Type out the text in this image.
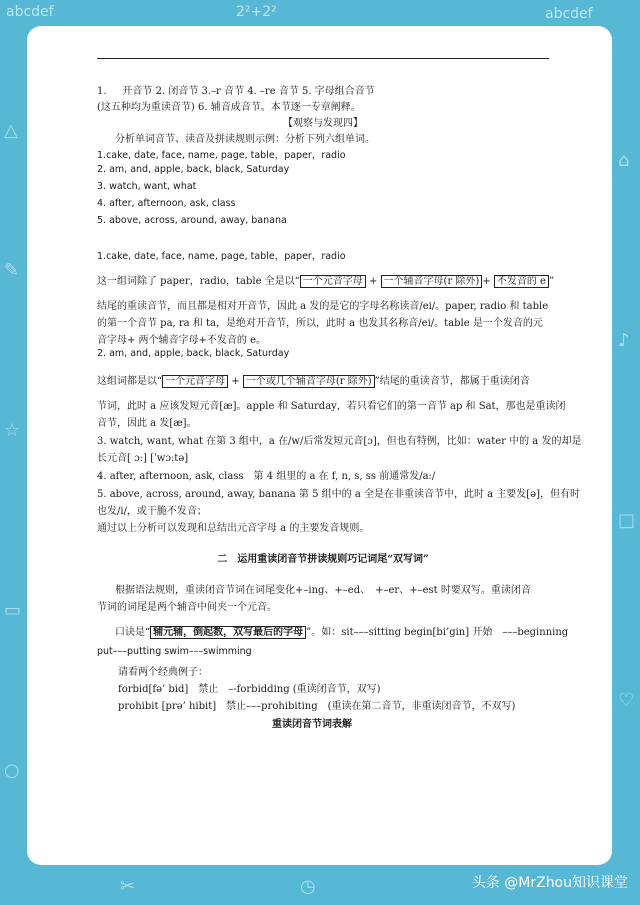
abcdef	abcdef
2²+2²
△
✎
☆
▭
○
⌂
♪
□
♡
✂	◷
1.     开音节 2. 闭音节 3.–r 音节 4. –re 音节 5. 字母组合音节
(这五种均为重读音节) 6. 辅音成音节。本节逐一专章阐释。
【观察与发现四】
分析单词音节、读音及拼读规则示例：分析下列六组单词。
1.cake, date, face, name, page, table，paper，radio
2. am, and, apple, back, black, Saturday
3. watch, want, what
4. after, afternoon, ask, class
5. above, across, around, away, banana
1.cake, date, face, name, page, table，paper，radio
这一组词除了 paper，radio，table 全是以“ 一个元音字母 + 一个辅音字母(r 除外) + 不发音的 e ”
结尾的重读音节，而且都是相对开音节，因此 a 发的是它的字母名称读音/ei/。paper, radio 和 table
的第一个音节 pa, ra 和 ta，是绝对开音节，所以，此时 a 也发其名称音/ei/。table 是一个发音的元
音字母+ 两个辅音字母+不发音的 e。
2. am, and, apple, back, black, Saturday
这组词都是以“ 一个元音字母 + 一个或几个辅音字母(r 除外) ”结尾的重读音节，都属于重读闭音
节词，此时 a 应该发短元音[æ]。apple 和 Saturday，若只看它们的第一音节 ap 和 Sat，那也是重读闭
音节，因此 a 发[æ]。
3. watch, want, what 在第 3 组中，a 在/w/后常发短元音[ɔ]，但也有特例，比如：water 中的 a 发的却是
长元音[ ɔ:] [ˈwɔ:tə]
4. after, afternoon, ask, class　第 4 组里的 a 在 f, n, s, ss 前通常发/a:/
5. above, across, around, away, banana 第 5 组中的 a 全是在非重读音节中，此时 a 主要发[ə]，但有时
也发/i/，或干脆不发音；
通过以上分析可以发现和总结出元音字母 a 的主要发音规则。
二　运用重读闭音节拼读规则巧记词尾“双写词”
根据语法规则，重读闭音节词在词尾变化+–ing、+–ed、　+–er、+–est 时要双写。重读闭音
节词的词尾是两个辅音中间夹一个元音。
口诀是“ 辅元辅，倒起数，双写最后的字母 ”。如：sit–––sitting begin[bi’gin] 开始　–––beginning
put–––putting swim–––swimming
请看两个经典例子：
forbid[fə’ bid]　禁止　–-forbidding (重读闭音节，双写)
prohibit [prə’ hibit]　禁止–––prohibiting　(重读在第二音节，非重读闭音节，不双写)
重读闭音节词表解
头条 @MrZhou知识课堂
